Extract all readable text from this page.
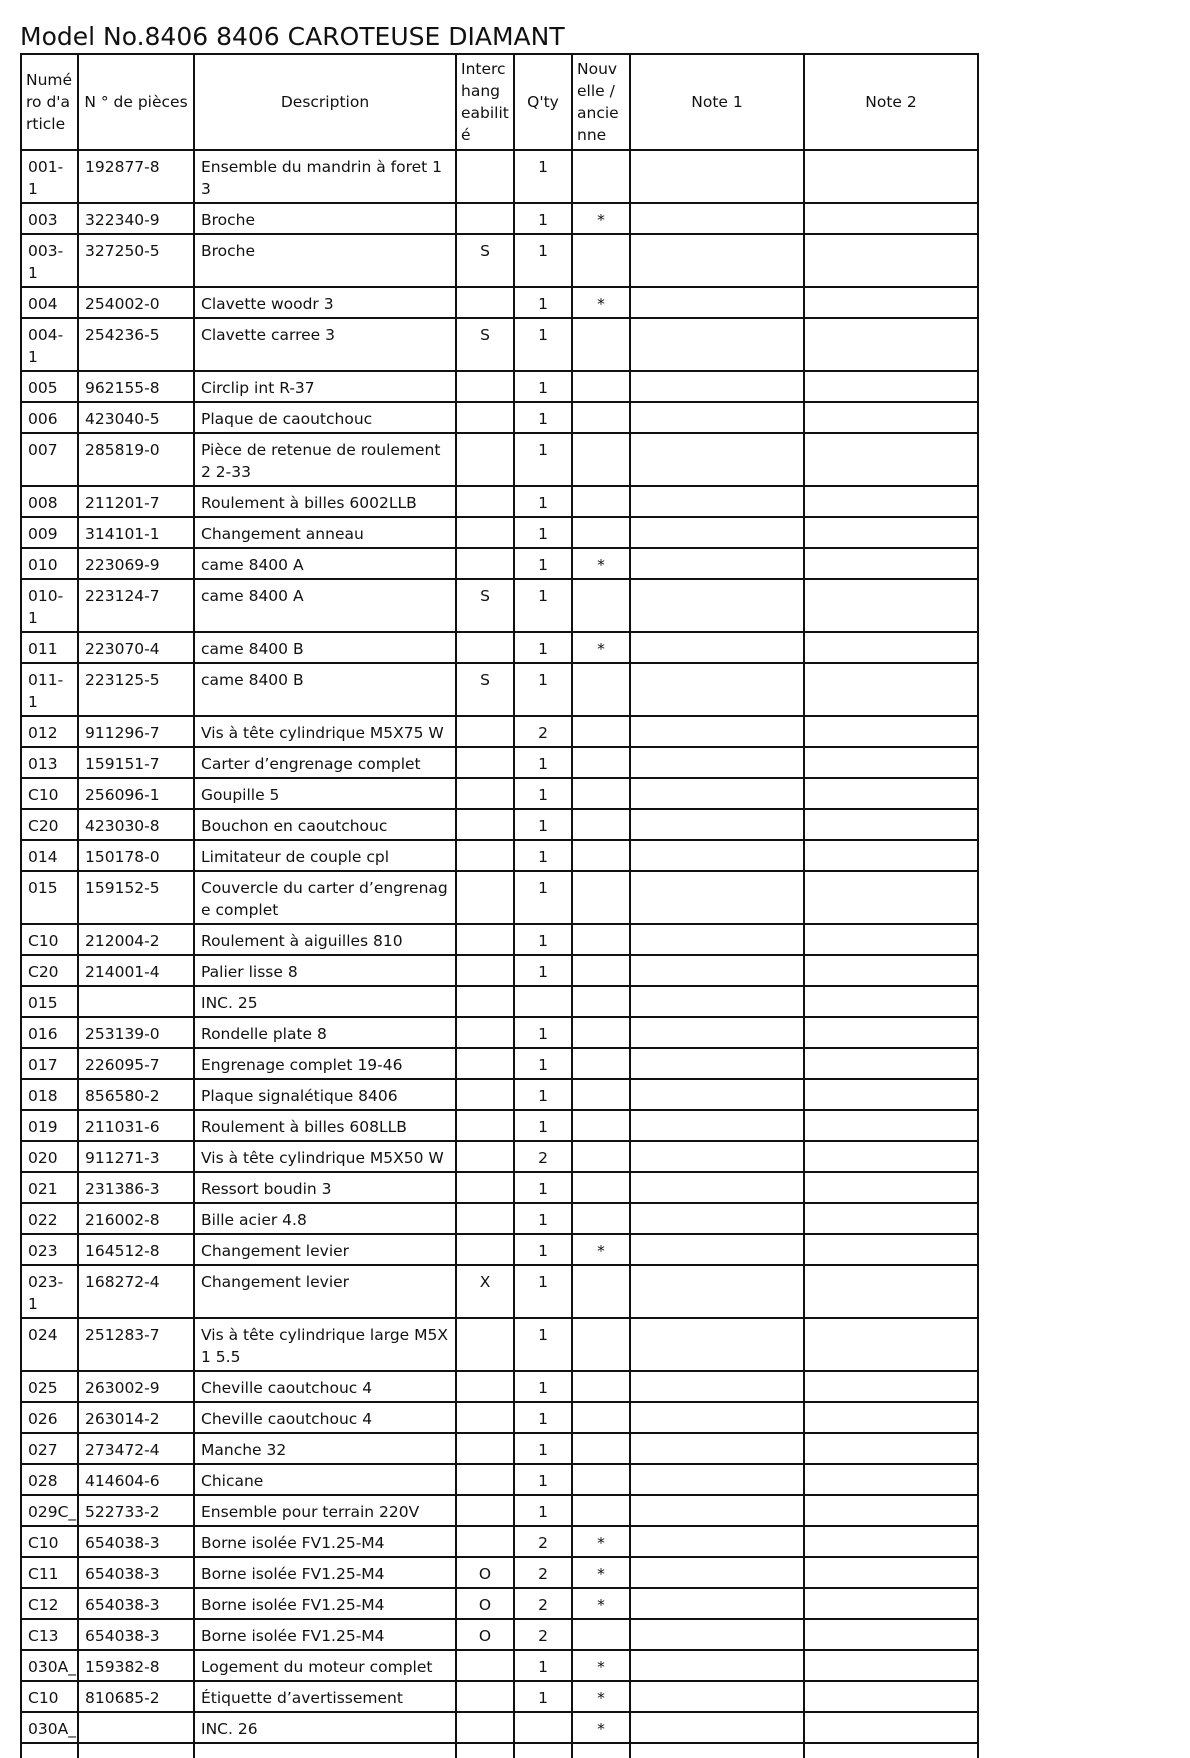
Model No.8406 8406 CAROTEUSE DIAMANT
Numéro d'article	N ° de pièces	Description	Interchangeabilité	Q'ty	Nouvelle / ancienne	Note 1	Note 2
001-1	192877-8	Ensemble du mandrin à foret 13		1			
003	322340-9	Broche		1	*		
003-1	327250-5	Broche	S	1			
004	254002-0	Clavette woodr 3		1	*		
004-1	254236-5	Clavette carree 3	S	1			
005	962155-8	Circlip int R-37		1			
006	423040-5	Plaque de caoutchouc		1			
007	285819-0	Pièce de retenue de roulement 2 2-33		1			
008	211201-7	Roulement à billes 6002LLB		1			
009	314101-1	Changement anneau		1			
010	223069-9	came 8400 A		1	*		
010-1	223124-7	came 8400 A	S	1			
011	223070-4	came 8400 B		1	*		
011-1	223125-5	came 8400 B	S	1			
012	911296-7	Vis à tête cylindrique M5X75 W		2			
013	159151-7	Carter d’engrenage complet		1			
C10	256096-1	Goupille 5		1			
C20	423030-8	Bouchon en caoutchouc		1			
014	150178-0	Limitateur de couple cpl		1			
015	159152-5	Couvercle du carter d’engrenage complet		1			
C10	212004-2	Roulement à aiguilles 810		1			
C20	214001-4	Palier lisse 8		1			
015		INC. 25					
016	253139-0	Rondelle plate 8		1			
017	226095-7	Engrenage complet 19-46		1			
018	856580-2	Plaque signalétique 8406		1			
019	211031-6	Roulement à billes 608LLB		1			
020	911271-3	Vis à tête cylindrique M5X50 W		2			
021	231386-3	Ressort boudin 3		1			
022	216002-8	Bille acier 4.8		1			
023	164512-8	Changement levier		1	*		
023-1	168272-4	Changement levier	X	1			
024	251283-7	Vis à tête cylindrique large M5X1 5.5		1			
025	263002-9	Cheville caoutchouc 4		1			
026	263014-2	Cheville caoutchouc 4		1			
027	273472-4	Manche 32		1			
028	414604-6	Chicane		1			
029C_	522733-2	Ensemble pour terrain 220V		1			
C10	654038-3	Borne isolée FV1.25-M4		2	*		
C11	654038-3	Borne isolée FV1.25-M4	O	2	*		
C12	654038-3	Borne isolée FV1.25-M4	O	2	*		
C13	654038-3	Borne isolée FV1.25-M4	O	2			
030A_	159382-8	Logement du moteur complet		1	*		
C10	810685-2	Étiquette d’avertissement		1	*		
030A_		INC. 26			*		
